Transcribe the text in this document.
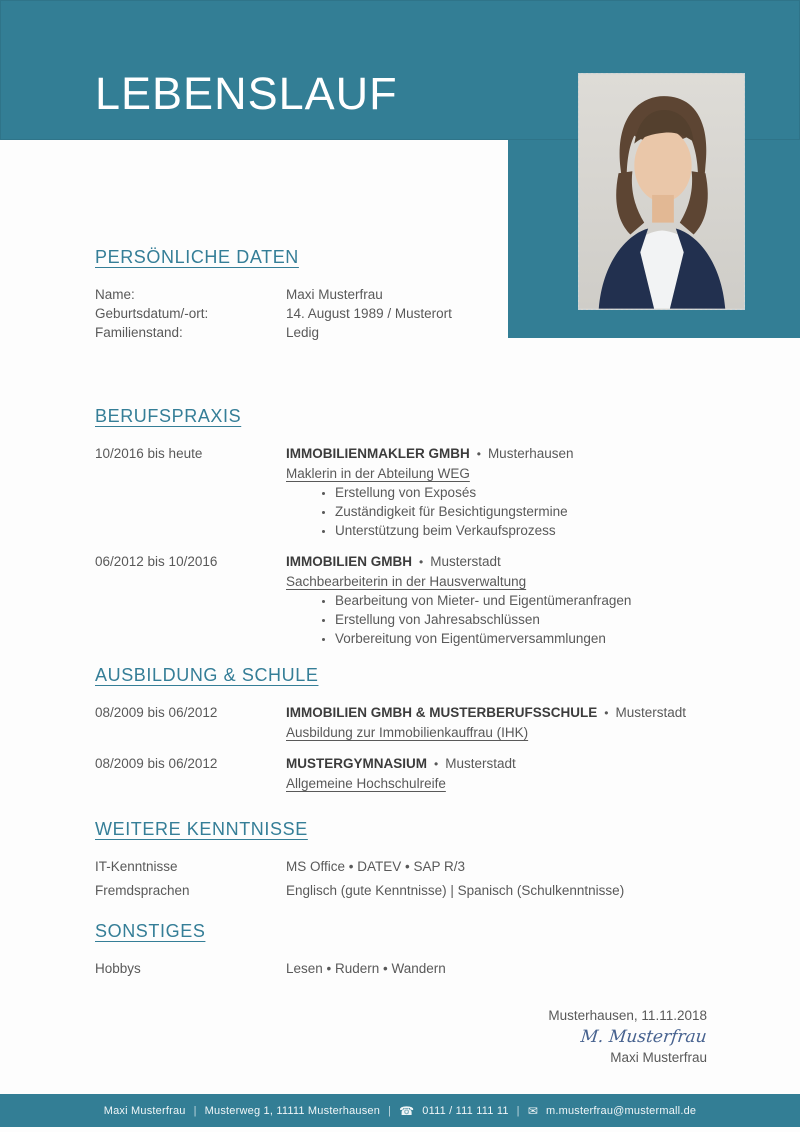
LEBENSLAUF
PERSÖNLICHE DATEN
Name:	Maxi Musterfrau
Geburtsdatum/-ort:	14. August 1989 / Musterort
Familienstand:	Ledig
BERUFSPRAXIS
10/2016 bis heute	IMMOBILIENMAKLER GMBH • Musterhausen
Maklerin in der Abteilung WEG
• Erstellung von Exposés
• Zuständigkeit für Besichtigungstermine
• Unterstützung beim Verkaufsprozess
06/2012 bis 10/2016	IMMOBILIEN GMBH • Musterstadt
Sachbearbeiterin in der Hausverwaltung
• Bearbeitung von Mieter- und Eigentümeranfragen
• Erstellung von Jahresabschlüssen
• Vorbereitung von Eigentümerversammlungen
AUSBILDUNG & SCHULE
08/2009 bis 06/2012	IMMOBILIEN GMBH & MUSTERBERUFSSCHULE • Musterstadt
Ausbildung zur Immobilienkauffrau (IHK)
08/2009 bis 06/2012	MUSTERGYMNASIUM • Musterstadt
Allgemeine Hochschulreife
WEITERE KENNTNISSE
IT-Kenntnisse	MS Office • DATEV • SAP R/3
Fremdsprachen	Englisch (gute Kenntnisse) | Spanisch (Schulkenntnisse)
SONSTIGES
Hobbys	Lesen • Rudern • Wandern
Musterhausen, 11.11.2018
M. Musterfrau
Maxi Musterfrau
Maxi Musterfrau | Musterweg 1, 11111 Musterhausen | ☎ 0111 / 111 111 11 | ✉ m.musterfrau@mustermall.de
